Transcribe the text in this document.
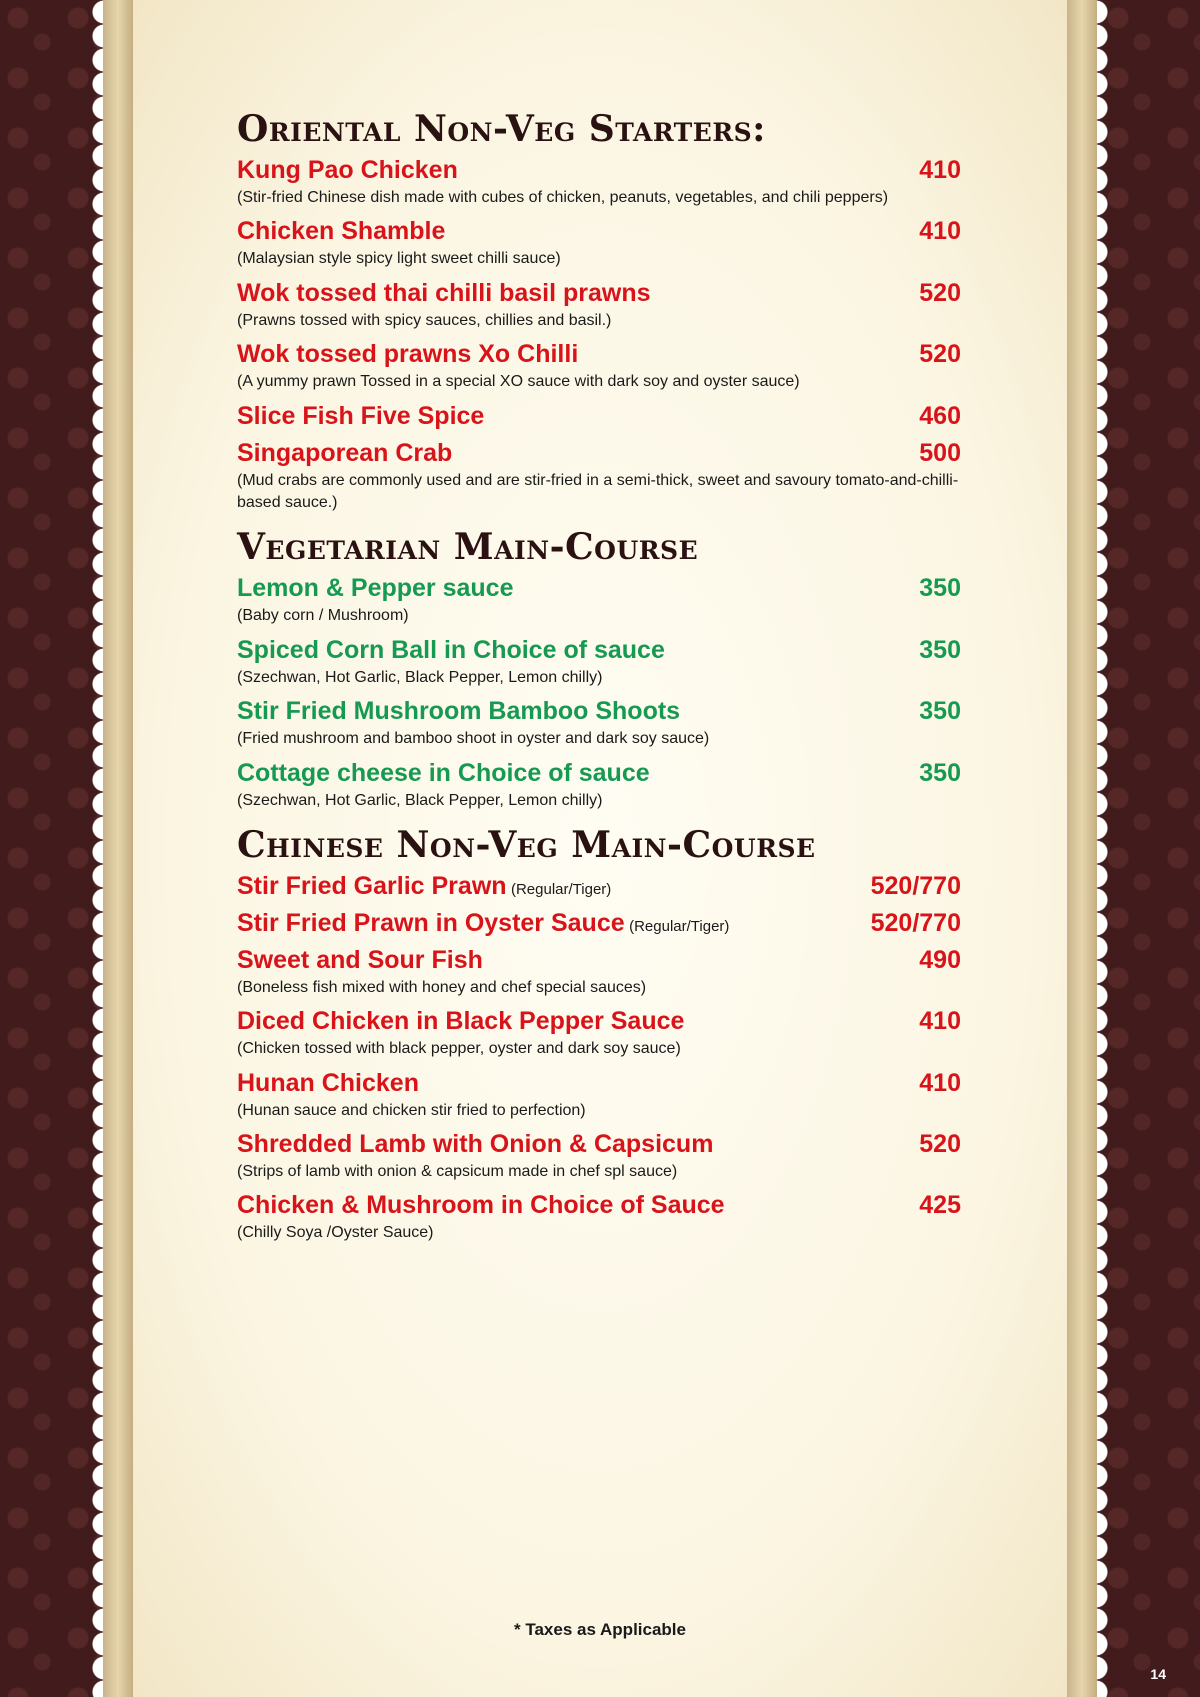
Oriental Non-Veg Starters:
Kung Pao Chicken	410
(Stir-fried Chinese dish made with cubes of chicken, peanuts, vegetables, and chili peppers)
Chicken Shamble	410
(Malaysian style spicy light sweet chilli sauce)
Wok tossed thai chilli basil prawns	520
(Prawns tossed with spicy sauces, chillies and basil.)
Wok tossed prawns Xo Chilli	520
(A yummy prawn Tossed in a special XO sauce with dark soy and oyster sauce)
Slice Fish Five Spice	460
Singaporean Crab	500
(Mud crabs are commonly used and are stir-fried in a semi-thick, sweet and savoury tomato-and-chilli-based sauce.)
Vegetarian Main-Course
Lemon & Pepper sauce	350
(Baby corn / Mushroom)
Spiced Corn Ball in Choice of sauce	350
(Szechwan, Hot Garlic, Black Pepper, Lemon chilly)
Stir Fried Mushroom Bamboo Shoots	350
(Fried mushroom and bamboo shoot in oyster and dark soy sauce)
Cottage cheese in Choice of sauce	350
(Szechwan, Hot Garlic, Black Pepper, Lemon chilly)
Chinese Non-Veg Main-Course
Stir Fried Garlic Prawn (Regular/Tiger)	520/770
Stir Fried Prawn in Oyster Sauce (Regular/Tiger)	520/770
Sweet and Sour Fish	490
(Boneless fish mixed with honey and chef special sauces)
Diced Chicken in Black Pepper Sauce	410
(Chicken tossed with black pepper, oyster and dark soy sauce)
Hunan Chicken	410
(Hunan sauce and chicken stir fried to perfection)
Shredded Lamb with Onion & Capsicum	520
(Strips of lamb with onion & capsicum made in chef spl sauce)
Chicken & Mushroom in Choice of Sauce	425
(Chilly Soya /Oyster Sauce)
* Taxes as Applicable
14
